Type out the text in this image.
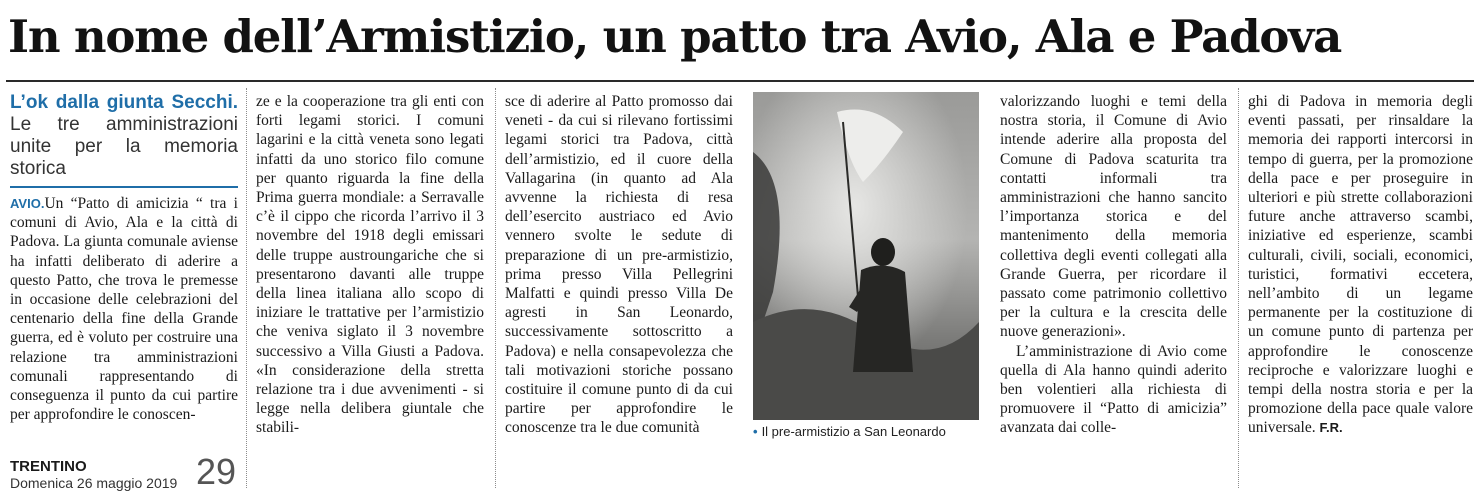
In nome dell’Armistizio, un patto tra Avio, Ala e Padova
L’ok dalla giunta Secchi. Le tre amministrazioni unite per la memoria storica

AVIO.Un “Patto di amicizia “ tra i comuni di Avio, Ala e la città di Padova. La giunta comunale aviense ha infatti deliberato di aderire a questo Patto, che trova le premesse in occasione delle celebrazioni del centenario della fine della Grande guerra, ed è voluto per costruire una relazione tra amministrazioni comunali rappresentando di conseguenza il punto da cui partire per approfondire le conoscen-

ze e la cooperazione tra gli enti con forti legami storici. I comuni lagarini e la città veneta sono legati infatti da uno storico filo comune per quanto riguarda la fine della Prima guerra mondiale: a Serravalle c’è il cippo che ricorda l’arrivo il 3 novembre del 1918 degli emissari delle truppe austroungariche che si presentarono davanti alle truppe della linea italiana allo scopo di iniziare le trattative per l’armistizio che veniva siglato il 3 novembre successivo a Villa Giusti a Padova. «In considerazione della stretta relazione tra i due avvenimenti - si legge nella delibera giuntale che stabili-

sce di aderire al Patto promosso dai veneti - da cui si rilevano fortissimi legami storici tra Padova, città dell’armistizio, ed il cuore della Vallagarina (in quanto ad Ala avvenne la richiesta di resa dell’esercito austriaco ed Avio vennero svolte le sedute di preparazione di un pre-armistizio, prima presso Villa Pellegrini Malfatti e quindi presso Villa De agresti in San Leonardo, successivamente sottoscritto a Padova) e nella consapevolezza che tali motivazioni storiche possano costituire il comune punto di da cui partire per approfondire le conoscenze tra le due comunità	• Il pre-armistizio a San Leonardo

valorizzando luoghi e temi della nostra storia, il Comune di Avio intende aderire alla proposta del Comune di Padova scaturita tra contatti informali tra amministrazioni che hanno sancito l’importanza storica e del mantenimento della memoria collettiva degli eventi collegati alla Grande Guerra, per ricordare il passato come patrimonio collettivo per la cultura e la crescita delle nuove generazioni».

L’amministrazione di Avio come quella di Ala hanno quindi aderito ben volentieri alla richiesta di promuovere il “Patto di amicizia” avanzata dai colle-

ghi di Padova in memoria degli eventi passati, per rinsaldare la memoria dei rapporti intercorsi in tempo di guerra, per la promozione della pace e per proseguire in ulteriori e più strette collaborazioni future anche attraverso scambi, iniziative ed esperienze, scambi culturali, civili, sociali, economici, turistici, formativi eccetera, nell’ambito di un legame permanente per la costituzione di un comune punto di partenza per approfondire le conoscenze reciproche e valorizzare luoghi e tempi della nostra storia e per la promozione della pace quale valore universale. F.R.

TRENTINO
Domenica 26 maggio 2019 29
